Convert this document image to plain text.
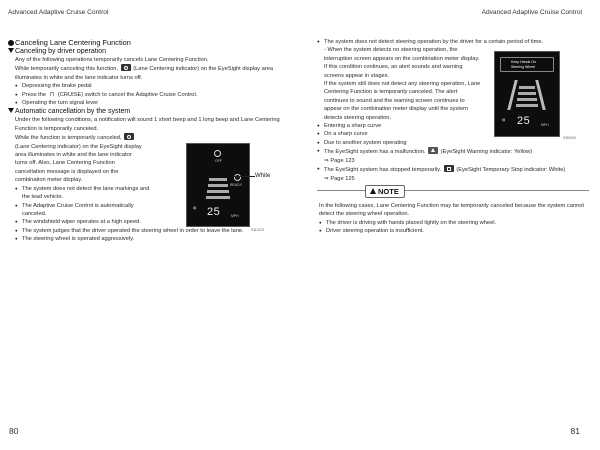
Advanced Adaptive Cruise Control	Advanced Adaptive Cruise Control

Canceling Lane Centering Function

Canceling by driver operation

Any of the following operations temporarily cancels Lane Centering Function.

While temporarily canceling this function,	(Lane Centering indicator) on the EyeSight display area illuminates in white and the lane indicator turns off.

● Depressing the brake pedal

● Press the ⊓ (CRUISE) switch to cancel the Adaptive Cruise Control.

● Operating the turn signal lever

Automatic cancellation by the system

Under the following conditions, a notification will sound 1 short beep and 1 long beep and Lane Centering Function is temporarily canceled.

While the function is temporarily canceled,  (Lane Centering indicator) on the EyeSight display area illuminates in white and the lane indicator turns off. Also, Lane Centering Function cancellation message is displayed on the combination meter display.

● The system does not detect the lane markings and the lead vehicle.

● The Adaptive Cruise Control is automatically canceled.

● The windshield wiper operates at a high speed.

● The system judges that the driver operated the steering wheel in order to leave the lane.

● The steering wheel is operated aggressively.

OFF
READY
▤ 25	MPH
White
S3I1023

● The system does not detect steering operation by the driver for a certain period of time.

- When the system detects no steering operation, the interruption screen appears on the combination meter display. If this condition continues, an alert sounds and warning screens appear in stages.

If the system still does not detect any steering operation, Lane Centering Function is temporarily canceled. The alert continues to sound and the warning screen continues to appear on the combination meter display until the system detects steering operation.

● Entering a sharp curve

● On a sharp curve

● Due to another system operating

● The EyeSight system has a malfunction.	(EyeSight Warning indicator: Yellow)

⇒ Page 123

● The EyeSight system has stopped temporarily.	(EyeSight Temporary Stop indicator: White)

⇒ Page 125

NOTE

In the following cases, Lane Centering Function may be temporarily canceled because the system cannot detect the steering wheel operation.

● The driver is driving with hands placed lightly on the steering wheel.

● Driver steering operation is insufficient.

Keep Hands On
Steering Wheel
▤ 25	MPH
S3I0000
80	81
